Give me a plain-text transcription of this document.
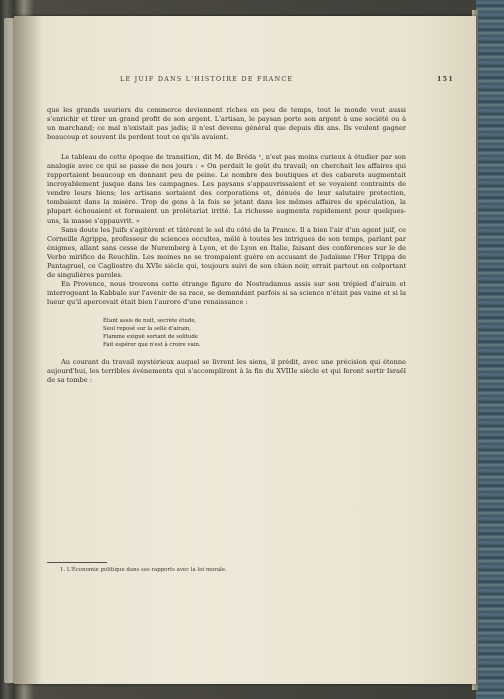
LE JUIF DANS L'HISTOIRE DE FRANCE	151

que les grands usuriers du commerce deviennent riches en peu de temps, tout le monde veut aussi s'enrichir et tirer un grand profit de son argent. L'artisan, le paysan porte son argent à une société ou à un marchand; ce mal n'existait pas jadis; il n'est devenu général que depuis dix ans. Ils veulent gagner beaucoup et souvent ils perdent tout ce qu'ils avaient.

Le tableau de cette époque de transition, dit M. de Bréda ¹, n'est pas moins curieux à étudier par son analogie avec ce qui se passe de nos jours : « On perdait le goût du travail; on cherchait les affaires qui rapportaient beaucoup en donnant peu de peine. Le nombre des boutiques et des cabarets augmentait incroyablement jusque dans les campagnes. Les paysans s'appauvrissaient et se voyaient contraints de vendre leurs biens; les artisans sortaient des corporations et, dénués de leur salutaire protection, tombaient dans la misère. Trop de gens à la fois se jetant dans les mêmes affaires de spéculation, la plupart échouaient et formaient un prolétariat irrité. La richesse augmenta rapidement pour quelques-uns, la masse s'appauvrit. »

Sans doute les Juifs s'agitèrent et tâtèrent le sol du côté de la France. Il a bien l'air d'un agent juif, ce Corneille Agrippa, professeur de sciences occultes, mêlé à toutes les intrigues de son temps, parlant par énigmes, allant sans cesse de Nuremberg à Lyon, et de Lyon en Italie, faisant des conférences sur le de Verbo mirifico de Reuchlin. Les moines ne se trompaient guère en accusant de Judaïsme l'Her Trippa de Pantagruel, ce Cagliostro du XVIe siècle qui, toujours suivi de son chien noir, errait partout en colportant de singulières paroles.

En Provence, nous trouvons cette étrange figure de Nostradamus assis sur son trépied d'airain et interrogeant la Kabbale sur l'avenir de sa race, se demandant parfois si sa science n'était pas vaine et si la lueur qu'il apercevait était bien l'aurore d'une renaissance :

Étant assis de nuit, secrète étude,
Seul reposé sur la selle d'airain,
Flamme exiguë sortant de solitude
Fait espérer que n'est à croire vain.

Au courant du travail mystérieux auquel se livrent les siens, il prédit, avec une précision qui étonne aujourd'hui, les terribles événements qui s'accompliront à la fin du XVIIIe siècle et qui feront sortir Israël de sa tombe :

1. L'Économie politique dans ses rapports avec la loi morale.
